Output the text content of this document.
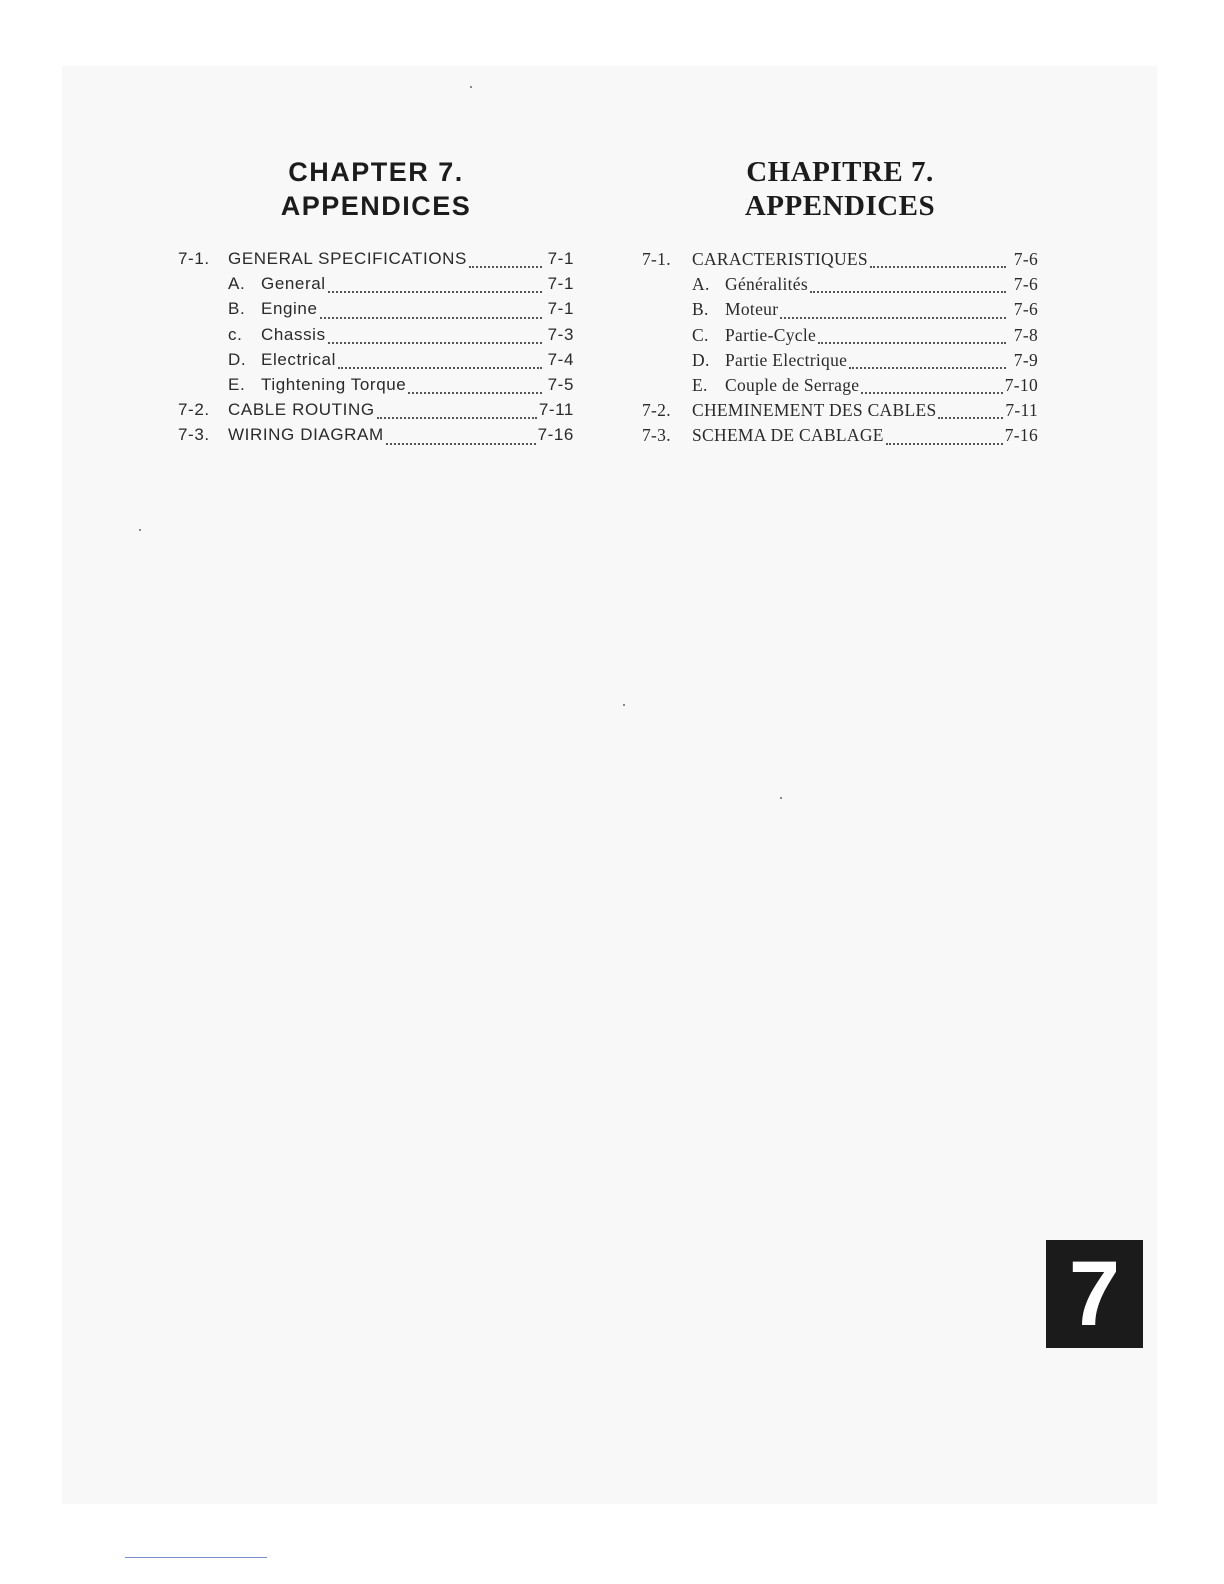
CHAPTER 7.
APPENDICES
7-1.	GENERAL SPECIFICATIONS	7-1
A. General	7-1
B. Engine	7-1
c.	Chassis	7-3
D. Electrical	7-4
E. Tightening Torque	7-5
7-2.	CABLE ROUTING	7-11
7-3.	WIRING DIAGRAM	7-16
CHAPITRE 7.
APPENDICES
7-1.	CARACTERISTIQUES	7-6
A. Généralités	7-6
B. Moteur	7-6
C. Partie-Cycle	7-8
D. Partie Electrique	7-9
E. Couple de Serrage	7-10
7-2.	CHEMINEMENT DES CABLES	7-11
7-3.	SCHEMA DE CABLAGE	7-16
7
